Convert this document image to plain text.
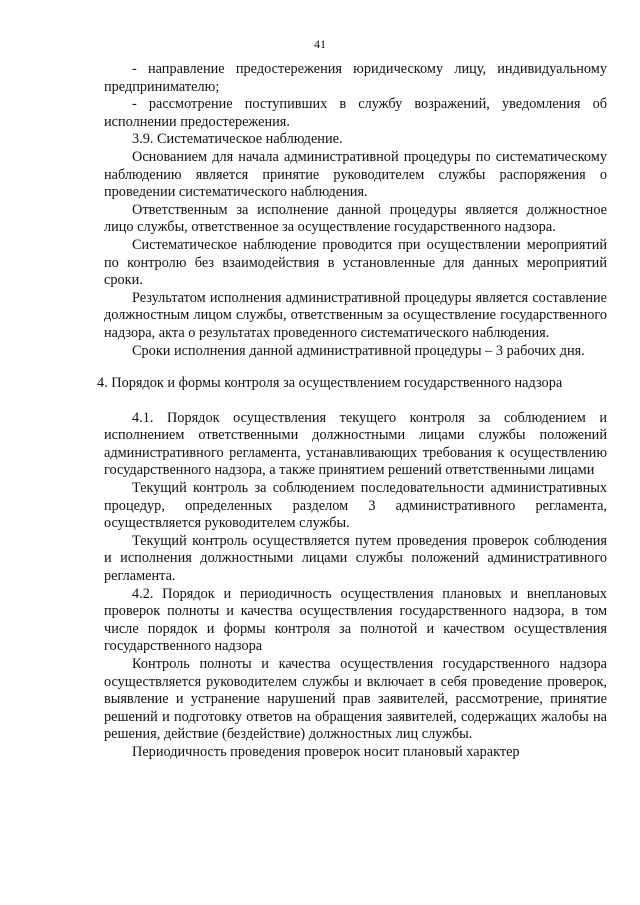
41

- направление предостережения юридическому лицу, индивидуальному предпринимателю;

- рассмотрение поступивших в службу возражений, уведомления об исполнении предостережения.

3.9. Систематическое наблюдение.

Основанием для начала административной процедуры по систематическому наблюдению является принятие руководителем службы распоряжения о проведении систематического наблюдения.

Ответственным за исполнение данной процедуры является должностное лицо службы, ответственное за осуществление государственного надзора.

Систематическое наблюдение проводится при осуществлении мероприятий по контролю без взаимодействия в установленные для данных мероприятий сроки.

Результатом исполнения административной процедуры является составление должностным лицом службы, ответственным за осуществление государственного надзора, акта о результатах проведенного систематического наблюдения.

Сроки исполнения данной административной процедуры – 3 рабочих дня.

4. Порядок и формы контроля за осуществлением государственного надзора

4.1. Порядок осуществления текущего контроля за соблюдением и исполнением ответственными должностными лицами службы положений административного регламента, устанавливающих требования к осуществлению государственного надзора, а также принятием решений ответственными лицами

Текущий контроль за соблюдением последовательности административных процедур, определенных разделом 3 административного регламента, осуществляется руководителем службы.

Текущий контроль осуществляется путем проведения проверок соблюдения и исполнения должностными лицами службы положений административного регламента.

4.2. Порядок и периодичность осуществления плановых и внеплановых проверок полноты и качества осуществления государственного надзора, в том числе порядок и формы контроля за полнотой и качеством осуществления государственного надзора

Контроль полноты и качества осуществления государственного надзора осуществляется руководителем службы и включает в себя проведение проверок, выявление и устранение нарушений прав заявителей, рассмотрение, принятие решений и подготовку ответов на обращения заявителей, содержащих жалобы на решения, действие (бездействие) должностных лиц службы.

Периодичность проведения проверок носит плановый характер
